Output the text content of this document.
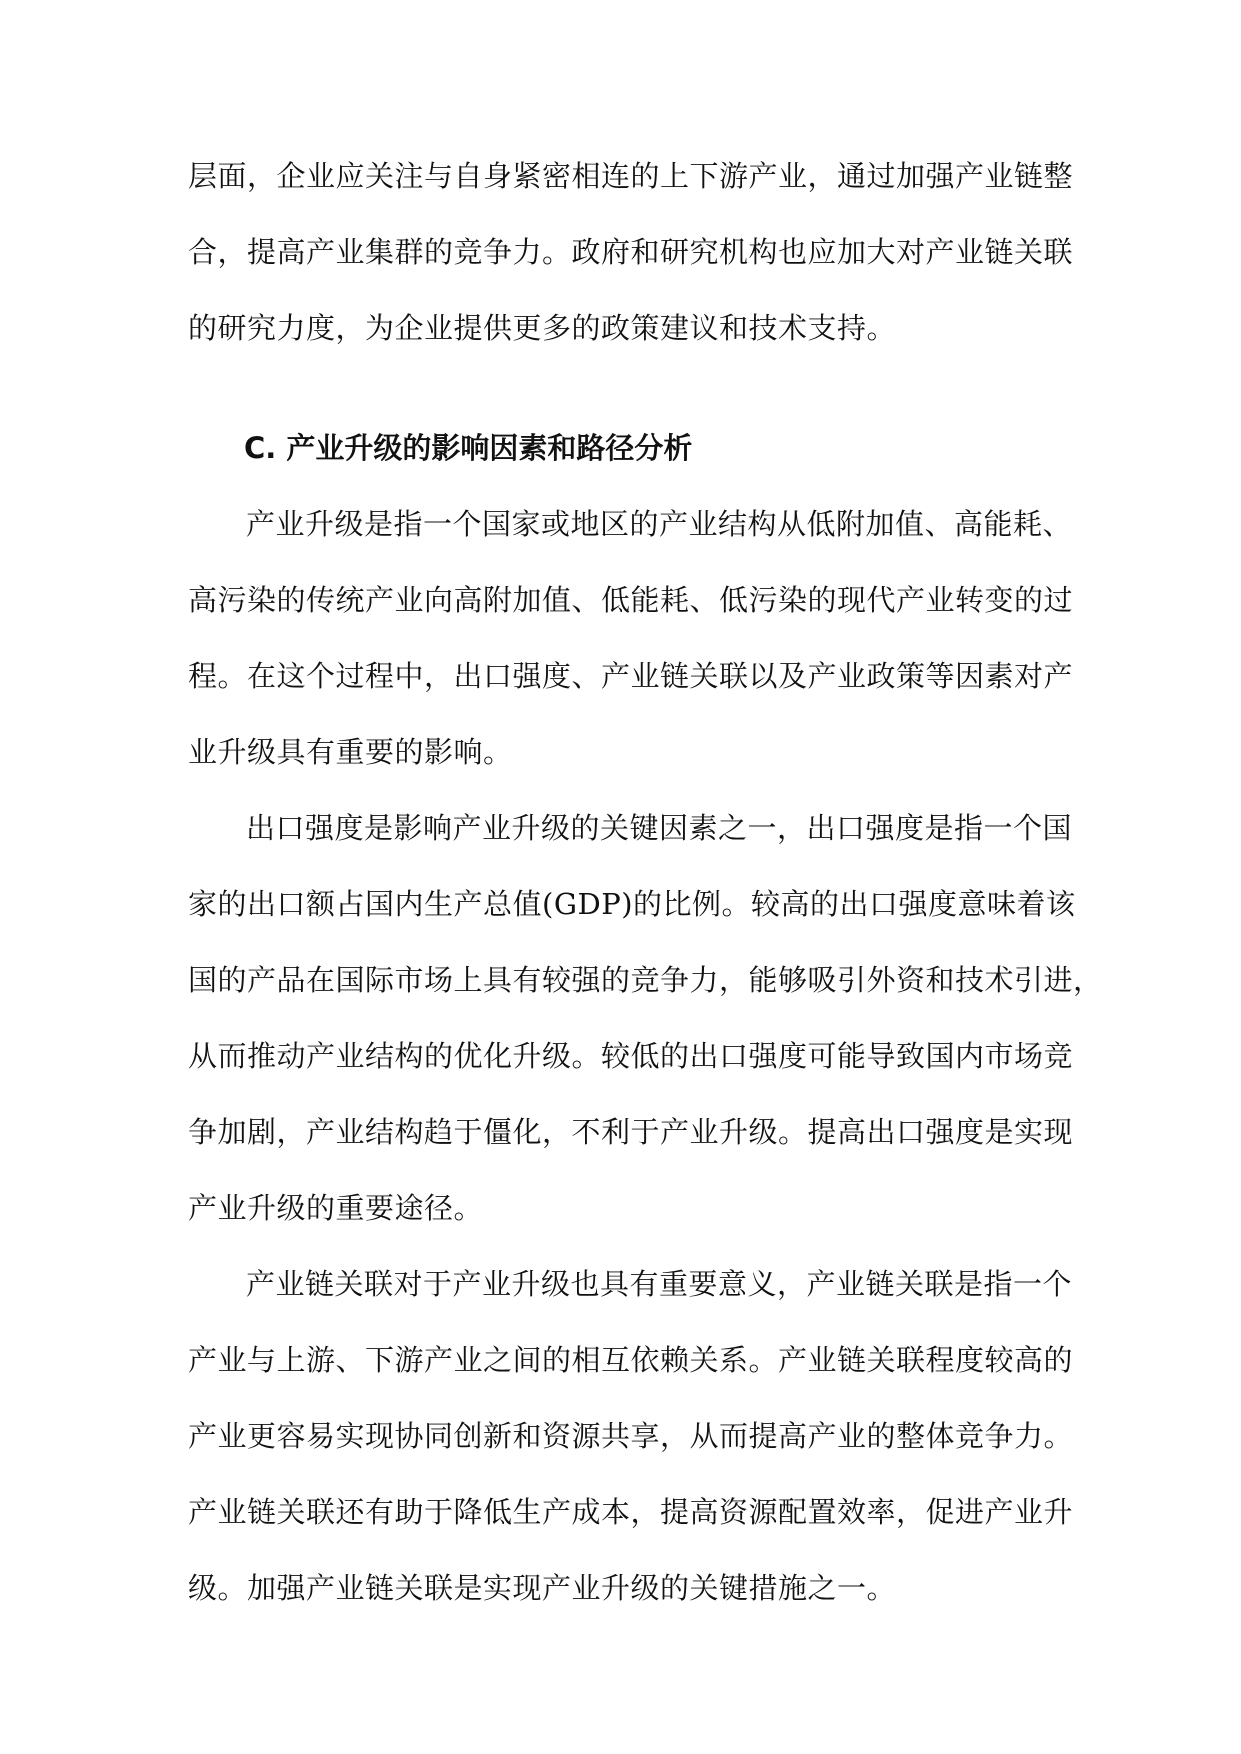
层面，企业应关注与自身紧密相连的上下游产业，通过加强产业链整
合，提高产业集群的竞争力。政府和研究机构也应加大对产业链关联
的研究力度，为企业提供更多的政策建议和技术支持。
C. 产业升级的影响因素和路径分析
产业升级是指一个国家或地区的产业结构从低附加值、高能耗、
高污染的传统产业向高附加值、低能耗、低污染的现代产业转变的过
程。在这个过程中，出口强度、产业链关联以及产业政策等因素对产
业升级具有重要的影响。
出口强度是影响产业升级的关键因素之一，出口强度是指一个国
家的出口额占国内生产总值(GDP)的比例。较高的出口强度意味着该
国的产品在国际市场上具有较强的竞争力，能够吸引外资和技术引进，
从而推动产业结构的优化升级。较低的出口强度可能导致国内市场竞
争加剧，产业结构趋于僵化，不利于产业升级。提高出口强度是实现
产业升级的重要途径。
产业链关联对于产业升级也具有重要意义，产业链关联是指一个
产业与上游、下游产业之间的相互依赖关系。产业链关联程度较高的
产业更容易实现协同创新和资源共享，从而提高产业的整体竞争力。
产业链关联还有助于降低生产成本，提高资源配置效率，促进产业升
级。加强产业链关联是实现产业升级的关键措施之一。
